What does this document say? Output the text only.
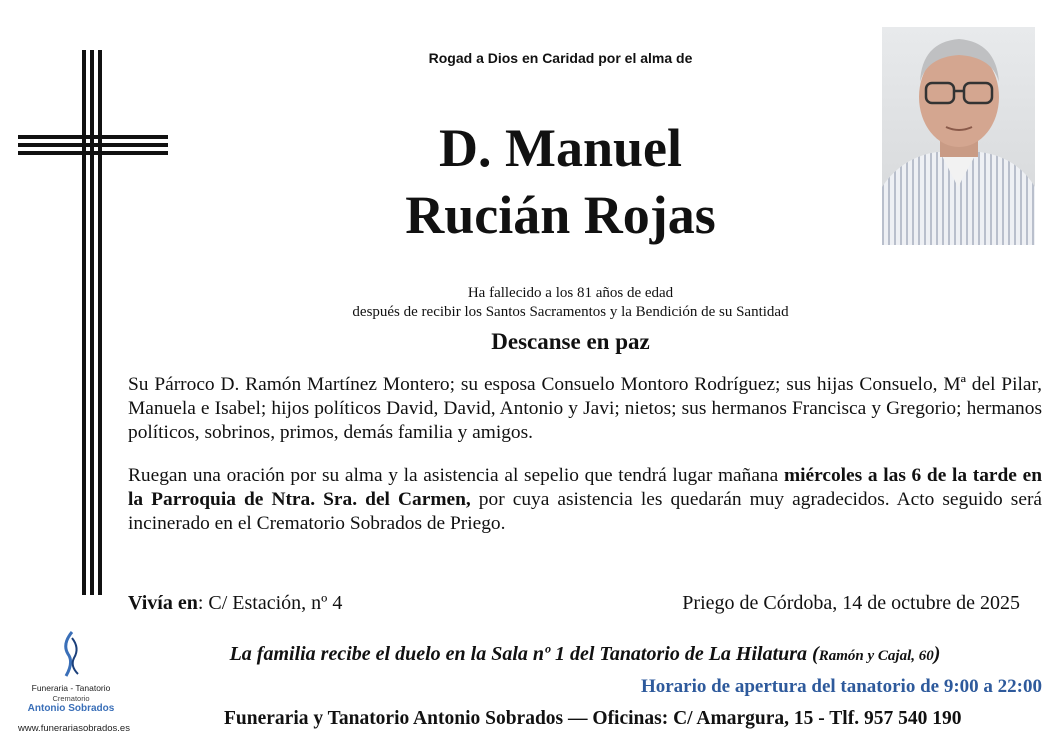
Rogad a Dios en Caridad por el alma de
D. Manuel
Rucián Rojas
Ha fallecido a los 81 años de edad
después de recibir los Santos Sacramentos y la Bendición de su Santidad
Descanse en paz
Su Párroco D. Ramón Martínez Montero; su esposa Consuelo Montoro Rodríguez; sus hijas Consuelo, Mª del Pilar, Manuela e Isabel; hijos políticos David, David, Antonio y Javi; nietos; sus hermanos Francisca y Gregorio; hermanos políticos, sobrinos, primos, demás familia y amigos.
Ruegan una oración por su alma y la asistencia al sepelio que tendrá lugar mañana miércoles a las 6 de la tarde en la Parroquia de Ntra. Sra. del Carmen, por cuya asistencia les quedarán muy agradecidos. Acto seguido será incinerado en el Crematorio Sobrados de Priego.
Vivía en: C/ Estación, nº 4	Priego de Córdoba, 14 de octubre de 2025
La familia recibe el duelo en la Sala nº 1 del Tanatorio de La Hilatura (Ramón y Cajal, 60)
Horario de apertura del tanatorio de 9:00 a 22:00
Funeraria y Tanatorio Antonio Sobrados — Oficinas: C/ Amargura, 15 - Tlf. 957 540 190
Funeraria - Tanatorio
Crematorio
Antonio Sobrados
www.funerariasobrados.es
